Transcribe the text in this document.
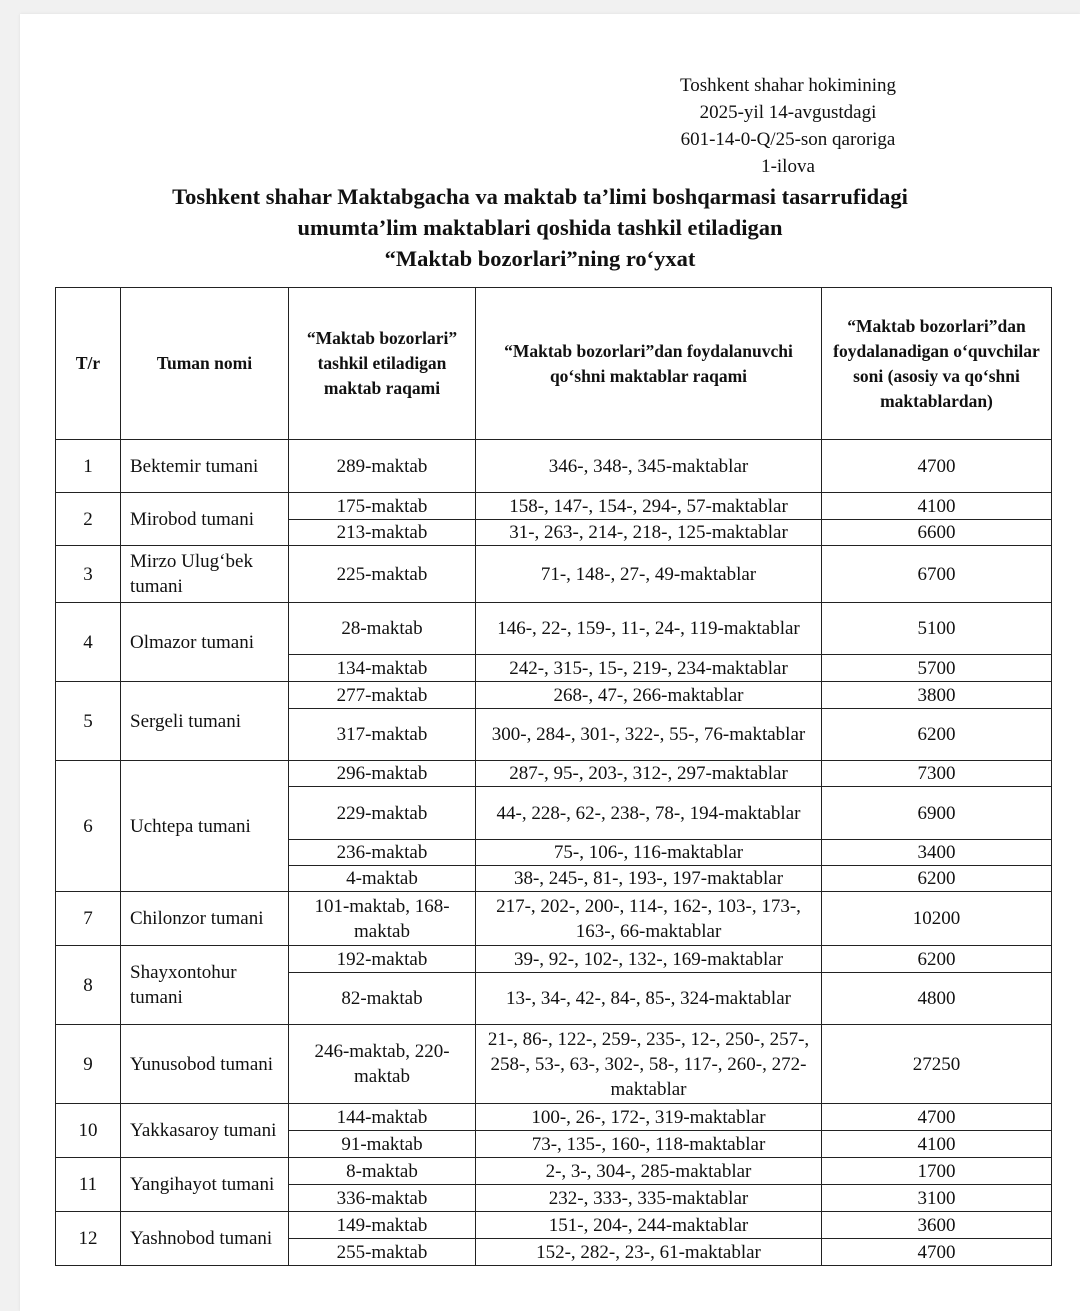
Toshkent shahar hokimining
2025-yil 14-avgustdagi
601-14-0-Q/25-son qaroriga
1-ilova
Toshkent shahar Maktabgacha va maktab ta’limi boshqarmasi tasarrufidagi
umumta’lim maktablari qoshida tashkil etiladigan
“Maktab bozorlari”ning ro‘yxat
T/r	Tuman nomi	“Maktab bozorlari” tashkil etiladigan maktab raqami	“Maktab bozorlari”dan foydalanuvchi qo‘shni maktablar raqami	“Maktab bozorlari”dan foydalanadigan o‘quvchilar soni (asosiy va qo‘shni maktablardan)
1	Bektemir tumani	289-maktab	346-, 348-, 345-maktablar	4700
2	Mirobod tumani	175-maktab	158-, 147-, 154-, 294-, 57-maktablar	4100
		213-maktab	31-, 263-, 214-, 218-, 125-maktablar	6600
3	Mirzo Ulug‘bek tumani	225-maktab	71-, 148-, 27-, 49-maktablar	6700
4	Olmazor tumani	28-maktab	146-, 22-, 159-, 11-, 24-, 119-maktablar	5100
		134-maktab	242-, 315-, 15-, 219-, 234-maktablar	5700
5	Sergeli tumani	277-maktab	268-, 47-, 266-maktablar	3800
		317-maktab	300-, 284-, 301-, 322-, 55-, 76-maktablar	6200
6	Uchtepa tumani	296-maktab	287-, 95-, 203-, 312-, 297-maktablar	7300
		229-maktab	44-, 228-, 62-, 238-, 78-, 194-maktablar	6900
		236-maktab	75-, 106-, 116-maktablar	3400
		4-maktab	38-, 245-, 81-, 193-, 197-maktablar	6200
7	Chilonzor tumani	101-maktab, 168-maktab	217-, 202-, 200-, 114-, 162-, 103-, 173-, 163-, 66-maktablar	10200
8	Shayxontohur tumani	192-maktab	39-, 92-, 102-, 132-, 169-maktablar	6200
		82-maktab	13-, 34-, 42-, 84-, 85-, 324-maktablar	4800
9	Yunusobod tumani	246-maktab, 220-maktab	21-, 86-, 122-, 259-, 235-, 12-, 250-, 257-, 258-, 53-, 63-, 302-, 58-, 117-, 260-, 272-maktablar	27250
10	Yakkasaroy tumani	144-maktab	100-, 26-, 172-, 319-maktablar	4700
		91-maktab	73-, 135-, 160-, 118-maktablar	4100
11	Yangihayot tumani	8-maktab	2-, 3-, 304-, 285-maktablar	1700
		336-maktab	232-, 333-, 335-maktablar	3100
12	Yashnobod tumani	149-maktab	151-, 204-, 244-maktablar	3600
		255-maktab	152-, 282-, 23-, 61-maktablar	4700
